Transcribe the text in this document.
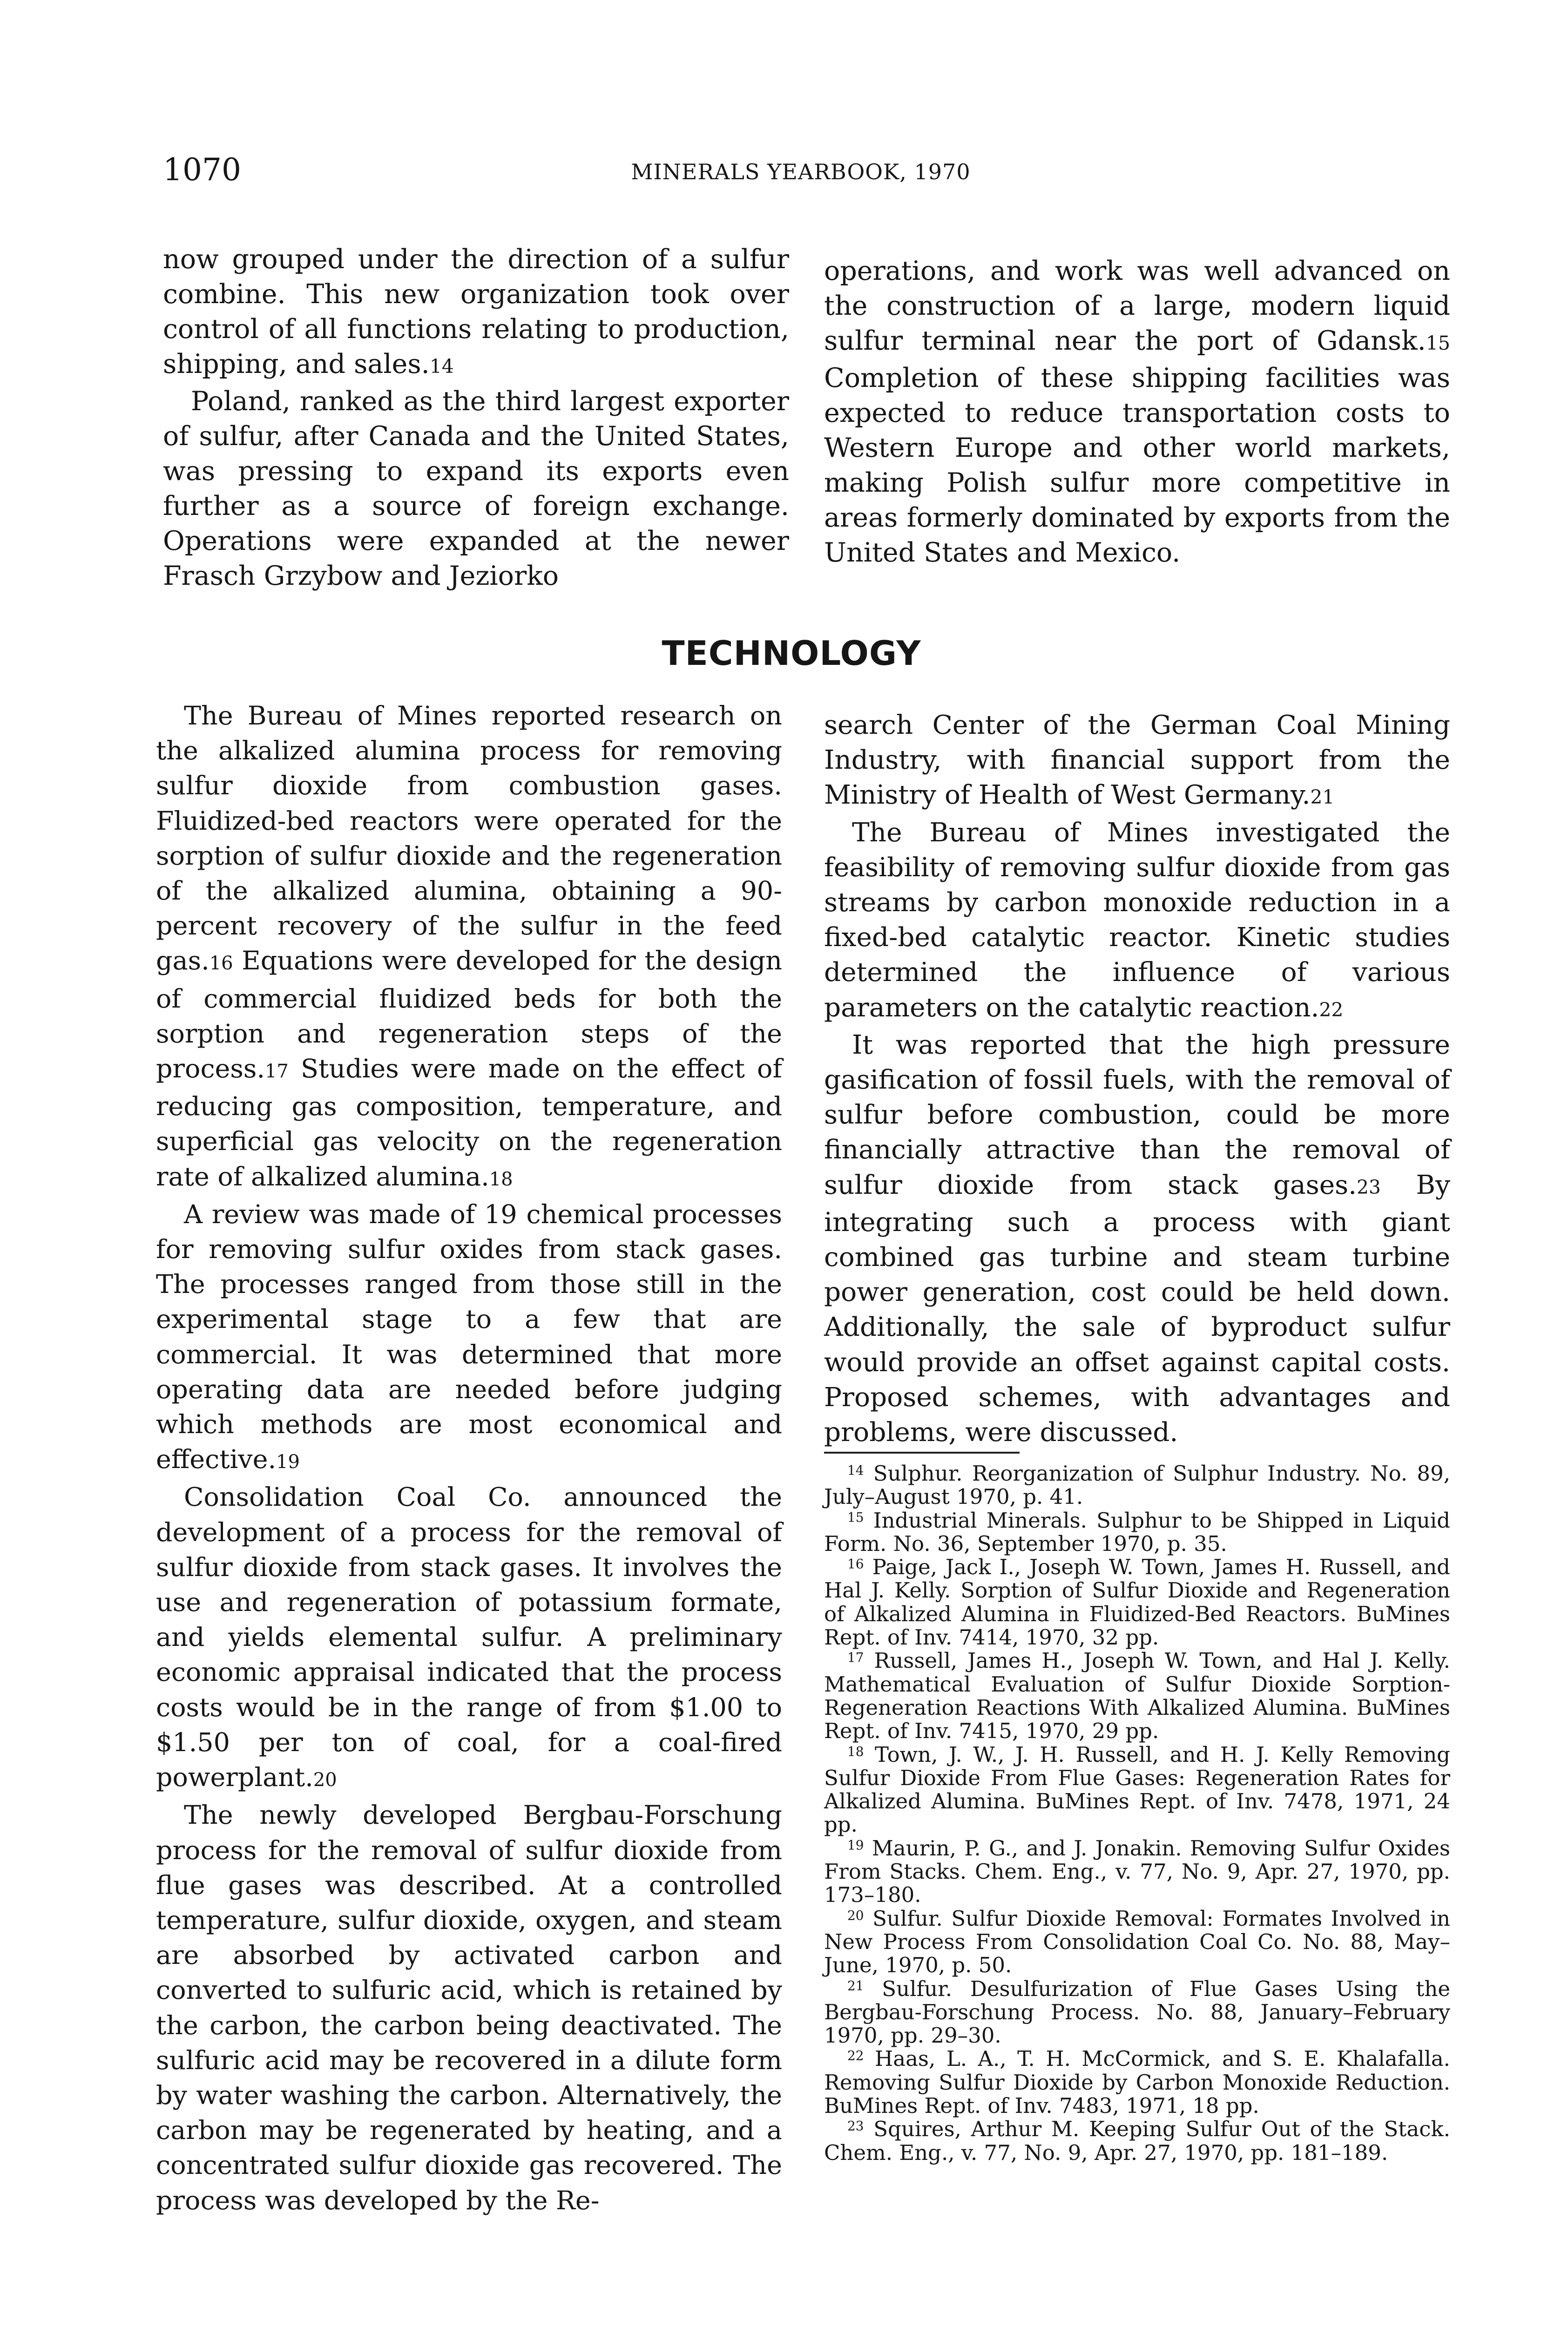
1070	MINERALS YEARBOOK, 1970

now grouped under the direction of a sulfur combine. This new organization took over control of all functions relating to production, shipping, and sales.14

Poland, ranked as the third largest exporter of sulfur, after Canada and the United States, was pressing to expand its exports even further as a source of foreign exchange. Operations were expanded at the newer Frasch Grzybow and Jeziorko

operations, and work was well advanced on the construction of a large, modern liquid sulfur terminal near the port of Gdansk.15 Completion of these shipping facilities was expected to reduce transportation costs to Western Europe and other world markets, making Polish sulfur more competitive in areas formerly dominated by exports from the United States and Mexico.

TECHNOLOGY

The Bureau of Mines reported research on the alkalized alumina process for removing sulfur dioxide from combustion gases. Fluidized-bed reactors were operated for the sorption of sulfur dioxide and the regeneration of the alkalized alumina, obtaining a 90-percent recovery of the sulfur in the feed gas.16 Equations were developed for the design of commercial fluidized beds for both the sorption and regeneration steps of the process.17 Studies were made on the effect of reducing gas composition, temperature, and superficial gas velocity on the regeneration rate of alkalized alumina.18

A review was made of 19 chemical processes for removing sulfur oxides from stack gases. The processes ranged from those still in the experimental stage to a few that are commercial. It was determined that more operating data are needed before judging which methods are most economical and effective.19

Consolidation Coal Co. announced the development of a process for the removal of sulfur dioxide from stack gases. It involves the use and regeneration of potassium formate, and yields elemental sulfur. A preliminary economic appraisal indicated that the process costs would be in the range of from $1.00 to $1.50 per ton of coal, for a coal-fired powerplant.20

The newly developed Bergbau-Forschung process for the removal of sulfur dioxide from flue gases was described. At a controlled temperature, sulfur dioxide, oxygen, and steam are absorbed by activated carbon and converted to sulfuric acid, which is retained by the carbon, the carbon being deactivated. The sulfuric acid may be recovered in a dilute form by water washing the carbon. Alternatively, the carbon may be regenerated by heating, and a concentrated sulfur dioxide gas recovered. The process was developed by the Re-

search Center of the German Coal Mining Industry, with financial support from the Ministry of Health of West Germany.21

The Bureau of Mines investigated the feasibility of removing sulfur dioxide from gas streams by carbon monoxide reduction in a fixed-bed catalytic reactor. Kinetic studies determined the influence of various parameters on the catalytic reaction.22

It was reported that the high pressure gasification of fossil fuels, with the removal of sulfur before combustion, could be more financially attractive than the removal of sulfur dioxide from stack gases.23 By integrating such a process with giant combined gas turbine and steam turbine power generation, cost could be held down. Additionally, the sale of byproduct sulfur would provide an offset against capital costs. Proposed schemes, with advantages and problems, were discussed.

$^{14}$ Sulphur. Reorganization of Sulphur Industry. No. 89, July–August 1970, p. 41.

$^{15}$ Industrial Minerals. Sulphur to be Shipped in Liquid Form. No. 36, September 1970, p. 35.

$^{16}$ Paige, Jack I., Joseph W. Town, James H. Russell, and Hal J. Kelly. Sorption of Sulfur Dioxide and Regeneration of Alkalized Alumina in Fluidized-Bed Reactors. BuMines Rept. of Inv. 7414, 1970, 32 pp.

$^{17}$ Russell, James H., Joseph W. Town, and Hal J. Kelly. Mathematical Evaluation of Sulfur Dioxide Sorption-Regeneration Reactions With Alkalized Alumina. BuMines Rept. of Inv. 7415, 1970, 29 pp.

$^{18}$ Town, J. W., J. H. Russell, and H. J. Kelly Removing Sulfur Dioxide From Flue Gases: Regeneration Rates for Alkalized Alumina. BuMines Rept. of Inv. 7478, 1971, 24 pp.

$^{19}$ Maurin, P. G., and J. Jonakin. Removing Sulfur Oxides From Stacks. Chem. Eng., v. 77, No. 9, Apr. 27, 1970, pp. 173–180.

$^{20}$ Sulfur. Sulfur Dioxide Removal: Formates Involved in New Process From Consolidation Coal Co. No. 88, May–June, 1970, p. 50.

$^{21}$ Sulfur. Desulfurization of Flue Gases Using the Bergbau-Forschung Process. No. 88, January–February 1970, pp. 29–30.

$^{22}$ Haas, L. A., T. H. McCormick, and S. E. Khalafalla. Removing Sulfur Dioxide by Carbon Monoxide Reduction. BuMines Rept. of Inv. 7483, 1971, 18 pp.

$^{23}$ Squires, Arthur M. Keeping Sulfur Out of the Stack. Chem. Eng., v. 77, No. 9, Apr. 27, 1970, pp. 181–189.
